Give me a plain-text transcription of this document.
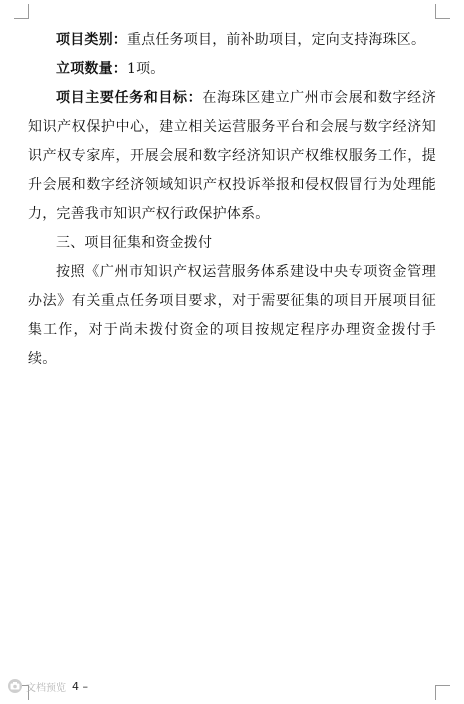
项目类别：重点任务项目，前补助项目，定向支持海珠区。

立项数量：1项。

项目主要任务和目标：在海珠区建立广州市会展和数字经济知识产权保护中心，建立相关运营服务平台和会展与数字经济知识产权专家库，开展会展和数字经济知识产权维权服务工作，提升会展和数字经济领域知识产权投诉举报和侵权假冒行为处理能力，完善我市知识产权行政保护体系。

三、项目征集和资金拨付

按照《广州市知识产权运营服务体系建设中央专项资金管理办法》有关重点任务项目要求，对于需要征集的项目开展项目征集工作，对于尚未拨付资金的项目按规定程序办理资金拨付手续。

文档预览 4 –
